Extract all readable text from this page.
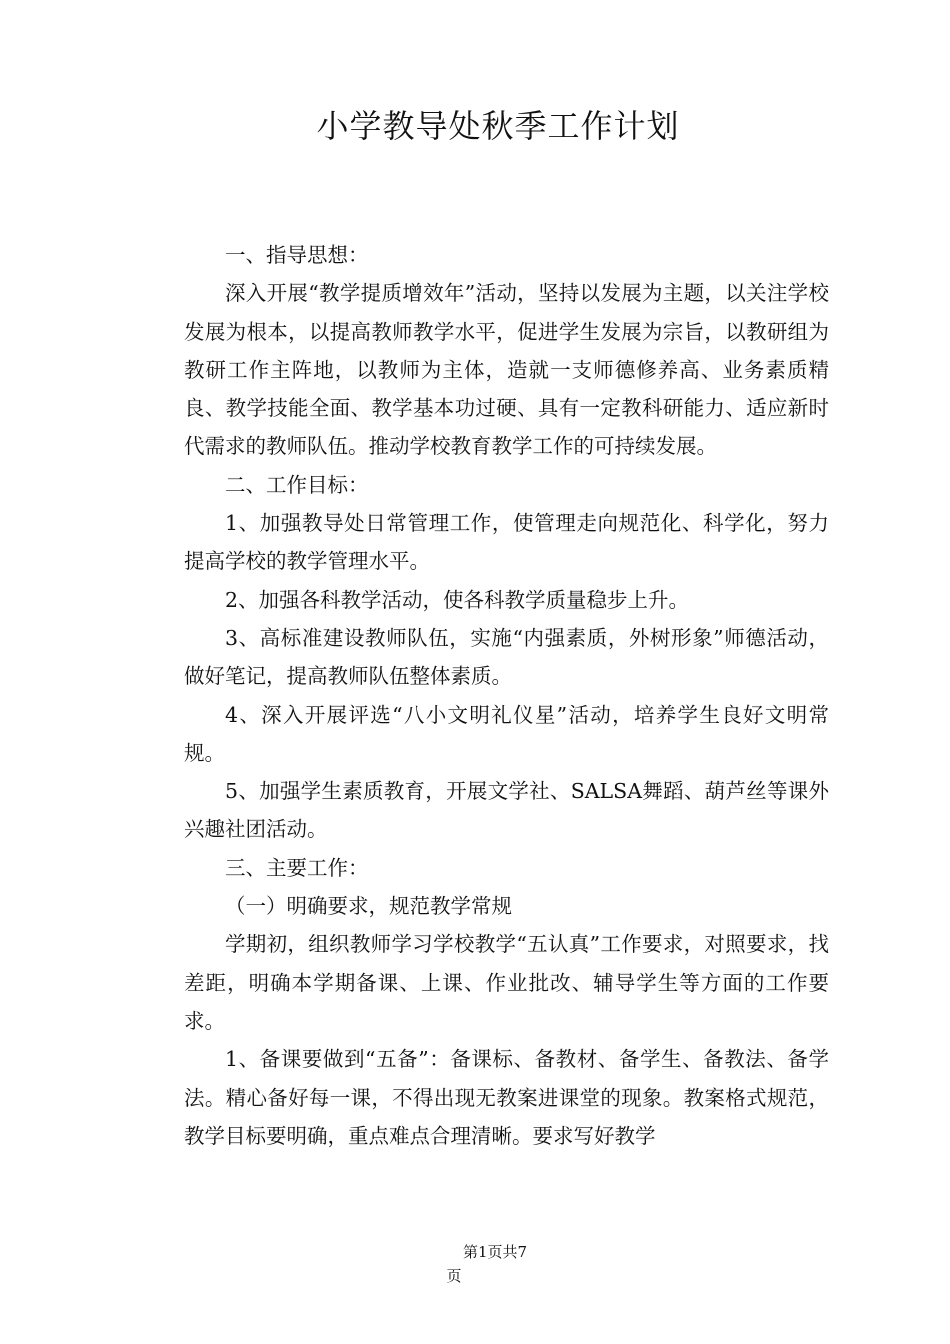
小学教导处秋季工作计划

一、指导思想：

深入开展“教学提质增效年”活动，坚持以发展为主题，以关注学校发展为根本，以提高教师教学水平，促进学生发展为宗旨，以教研组为教研工作主阵地，以教师为主体，造就一支师德修养高、业务素质精良、教学技能全面、教学基本功过硬、具有一定教科研能力、适应新时代需求的教师队伍。推动学校教育教学工作的可持续发展。

二、工作目标：

1、加强教导处日常管理工作，使管理走向规范化、科学化，努力提高学校的教学管理水平。

2、加强各科教学活动，使各科教学质量稳步上升。

3、高标准建设教师队伍，实施“内强素质，外树形象”师德活动，做好笔记，提高教师队伍整体素质。

4、深入开展评选“八小文明礼仪星”活动，培养学生良好文明常规。

5、加强学生素质教育，开展文学社、SALSA舞蹈、葫芦丝等课外兴趣社团活动。

三、主要工作：

（一）明确要求，规范教学常规

学期初，组织教师学习学校教学“五认真”工作要求，对照要求，找差距，明确本学期备课、上课、作业批改、辅导学生等方面的工作要求。

1、备课要做到“五备”：备课标、备教材、备学生、备教法、备学法。精心备好每一课，不得出现无教案进课堂的现象。教案格式规范，教学目标要明确，重点难点合理清晰。要求写好教学

第1页共7
页
